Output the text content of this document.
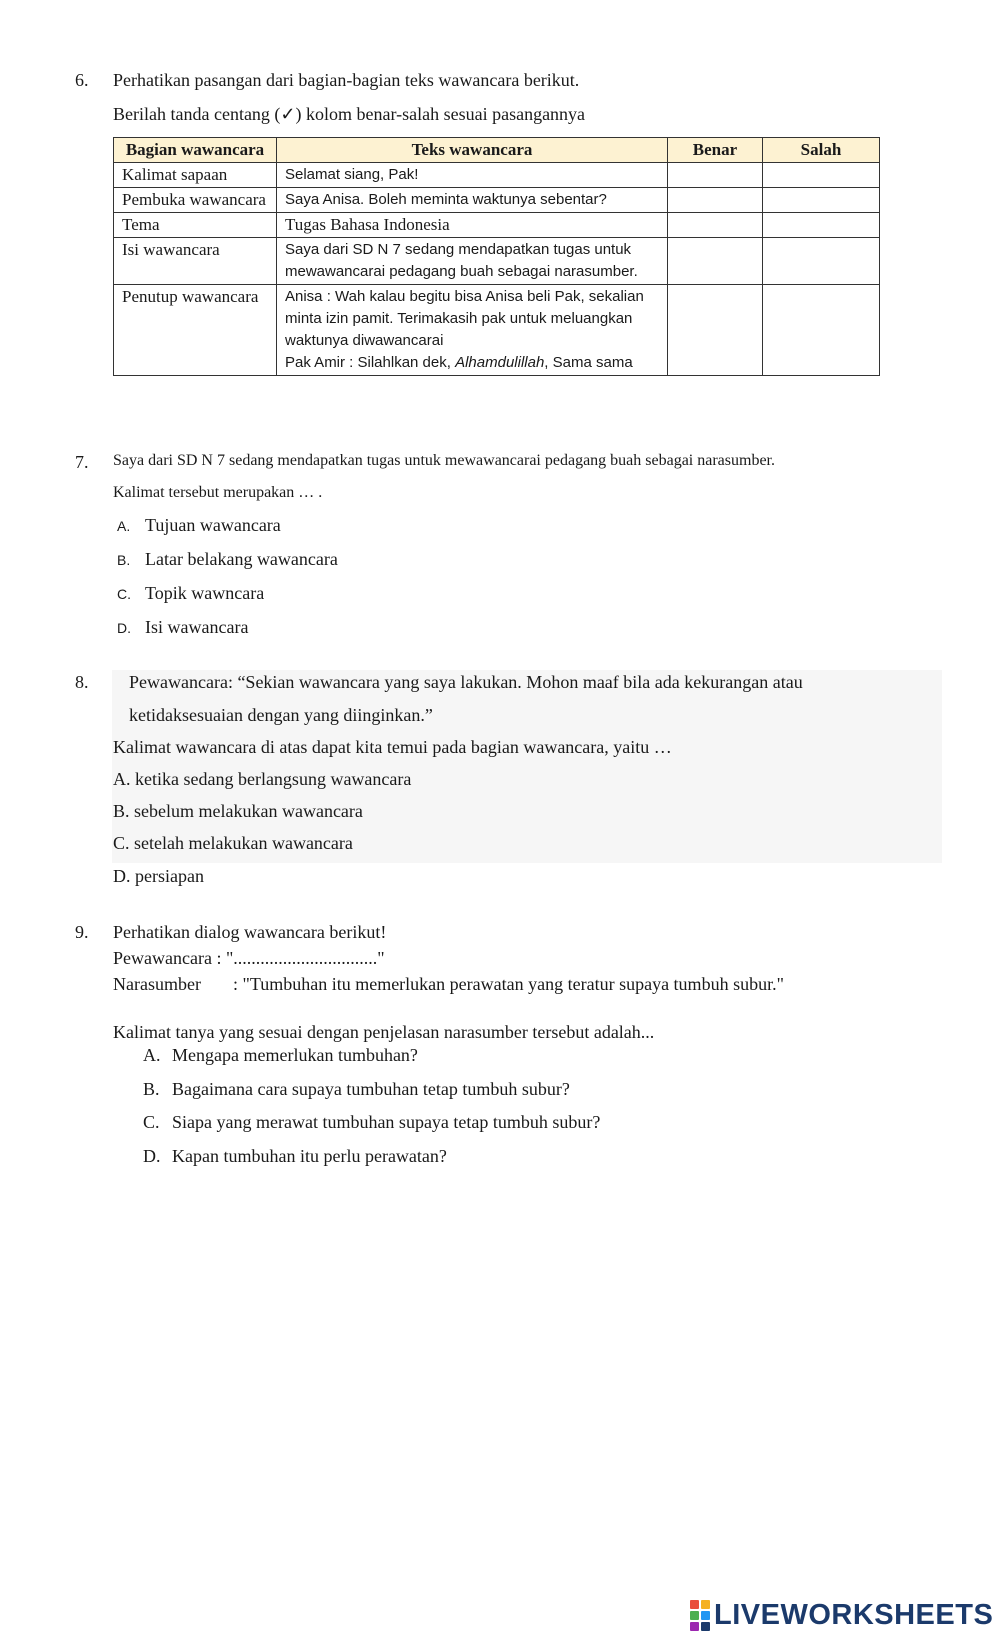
6. Perhatikan pasangan dari bagian-bagian teks wawancara berikut.
Berilah tanda centang (✓) kolom benar-salah sesuai pasangannya
Bagian wawancara	Teks wawancara	Benar	Salah
Kalimat sapaan	Selamat siang, Pak!		
Pembuka wawancara	Saya Anisa. Boleh meminta waktunya sebentar?		
Tema	Tugas Bahasa Indonesia		
Isi wawancara	Saya dari SD N 7 sedang mendapatkan tugas untuk mewawancarai pedagang buah sebagai narasumber.		
Penutup wawancara	Anisa : Wah kalau begitu bisa Anisa beli Pak, sekalian minta izin pamit. Terimakasih pak untuk meluangkan waktunya diwawancarai
Pak Amir : Silahlkan dek, Alhamdulillah, Sama sama		

7. Saya dari SD N 7 sedang mendapatkan tugas untuk mewawancarai pedagang buah sebagai narasumber.
Kalimat tersebut merupakan … .
A. Tujuan wawancara
B. Latar belakang wawancara
C. Topik wawncara
D. Isi wawancara
8. Pewawancara: “Sekian wawancara yang saya lakukan. Mohon maaf bila ada kekurangan atau
ketidaksesuaian dengan yang diinginkan.”
Kalimat wawancara di atas dapat kita temui pada bagian wawancara, yaitu …
A. ketika sedang berlangsung wawancara
B. sebelum melakukan wawancara
C. setelah melakukan wawancara
D. persiapan
9. Perhatikan dialog wawancara berikut!
Pewawancara : "................................"
Narasumber : "Tumbuhan itu memerlukan perawatan yang teratur supaya tumbuh subur."
Kalimat tanya yang sesuai dengan penjelasan narasumber tersebut adalah...
A. Mengapa memerlukan tumbuhan?
B. Bagaimana cara supaya tumbuhan tetap tumbuh subur?
C. Siapa yang merawat tumbuhan supaya tetap tumbuh subur?
D. Kapan tumbuhan itu perlu perawatan?
LIVEWORKSHEETS
